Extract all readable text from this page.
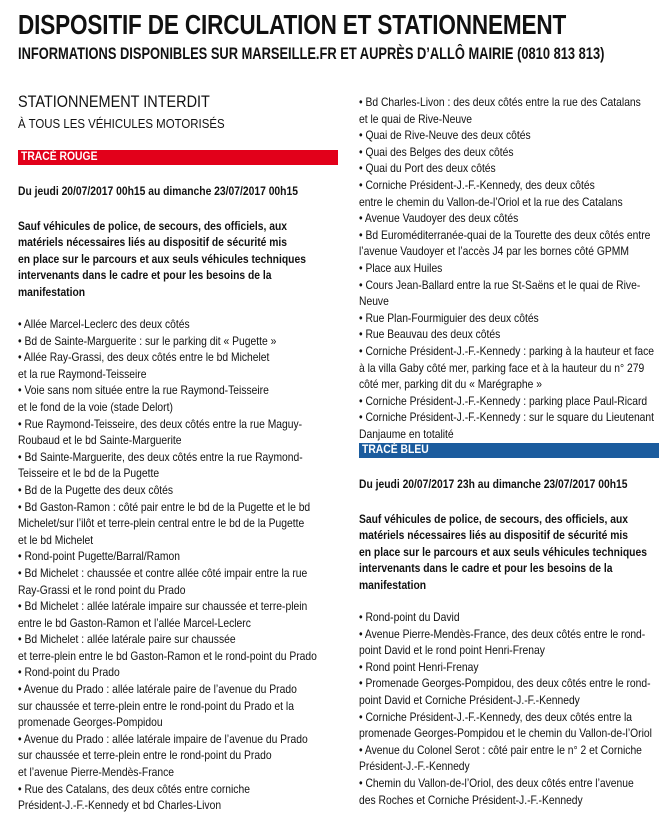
DISPOSITIF DE CIRCULATION ET STATIONNEMENT

INFORMATIONS DISPONIBLES SUR MARSEILLE.FR ET AUPRÈS D’ALLÔ MAIRIE (0810 813 813)

STATIONNEMENT INTERDIT

À TOUS LES VÉHICULES MOTORISÉS

TRACÉ ROUGE
Du jeudi 20/07/2017 00h15 au dimanche 23/07/2017 00h15
Sauf véhicules de police, de secours, des officiels, aux
matériels nécessaires liés au dispositif de sécurité mis
en place sur le parcours et aux seuls véhicules techniques
intervenants dans le cadre et pour les besoins de la
manifestation
• Allée Marcel-Leclerc des deux côtés
• Bd de Sainte-Marguerite : sur le parking dit « Pugette »
• Allée Ray-Grassi, des deux côtés entre le bd Michelet
et la rue Raymond-Teisseire
• Voie sans nom située entre la rue Raymond-Teisseire
et le fond de la voie (stade Delort)
• Rue Raymond-Teisseire, des deux côtés entre la rue Maguy-
Roubaud et le bd Sainte-Marguerite
• Bd Sainte-Marguerite, des deux côtés entre la rue Raymond-
Teisseire et le bd de la Pugette
• Bd de la Pugette des deux côtés
• Bd Gaston-Ramon : côté pair entre le bd de la Pugette et le bd
Michelet/sur l’ilôt et terre-plein central entre le bd de la Pugette
et le bd Michelet
• Rond-point Pugette/Barral/Ramon
• Bd Michelet : chaussée et contre allée côté impair entre la rue
Ray-Grassi et le rond point du Prado
• Bd Michelet : allée latérale impaire sur chaussée et terre-plein
entre le bd Gaston-Ramon et l’allée Marcel-Leclerc
• Bd Michelet : allée latérale paire sur chaussée
et terre-plein entre le bd Gaston-Ramon et le rond-point du Prado
• Rond-point du Prado
• Avenue du Prado : allée latérale paire de l’avenue du Prado
sur chaussée et terre-plein entre le rond-point du Prado et la
promenade Georges-Pompidou
• Avenue du Prado : allée latérale impaire de l’avenue du Prado
sur chaussée et terre-plein entre le rond-point du Prado
et l’avenue Pierre-Mendès-France
• Rue des Catalans, des deux côtés entre corniche
Président-J.-F.-Kennedy et bd Charles-Livon
• Bd Charles-Livon : des deux côtés entre la rue des Catalans
et le quai de Rive-Neuve
• Quai de Rive-Neuve des deux côtés
• Quai des Belges des deux côtés
• Quai du Port des deux côtés
• Corniche Président-J.-F.-Kennedy, des deux côtés
entre le chemin du Vallon-de-l’Oriol et la rue des Catalans
• Avenue Vaudoyer des deux côtés
• Bd Euroméditerranée-quai de la Tourette des deux côtés entre
l’avenue Vaudoyer et l’accès J4 par les bornes côté GPMM
• Place aux Huiles
• Cours Jean-Ballard entre la rue St-Saëns et le quai de Rive-Neuve
• Rue Plan-Fourmiguier des deux côtés
• Rue Beauvau des deux côtés
• Corniche Président-J.-F.-Kennedy : parking à la hauteur et face
à la villa Gaby côté mer, parking face et à la hauteur du n° 279
côté mer, parking dit du « Marégraphe »
• Corniche Président-J.-F.-Kennedy : parking place Paul-Ricard
• Corniche Président-J.-F.-Kennedy : sur le square du Lieutenant
Danjaume en totalité
TRACÉ BLEU
Du jeudi 20/07/2017 23h au dimanche 23/07/2017 00h15
Sauf véhicules de police, de secours, des officiels, aux
matériels nécessaires liés au dispositif de sécurité mis
en place sur le parcours et aux seuls véhicules techniques
intervenants dans le cadre et pour les besoins de la
manifestation
• Rond-point du David
• Avenue Pierre-Mendès-France, des deux côtés entre le rond-
point David et le rond point Henri-Frenay
• Rond point Henri-Frenay
• Promenade Georges-Pompidou, des deux côtés entre le rond-
point David et Corniche Président-J.-F.-Kennedy
• Corniche Président-J.-F.-Kennedy, des deux côtés entre la
promenade Georges-Pompidou et le chemin du Vallon-de-l’Oriol
• Avenue du Colonel Serot : côté pair entre le n° 2 et Corniche
Président-J.-F.-Kennedy
• Chemin du Vallon-de-l’Oriol, des deux côtés entre l’avenue
des Roches et Corniche Président-J.-F.-Kennedy
